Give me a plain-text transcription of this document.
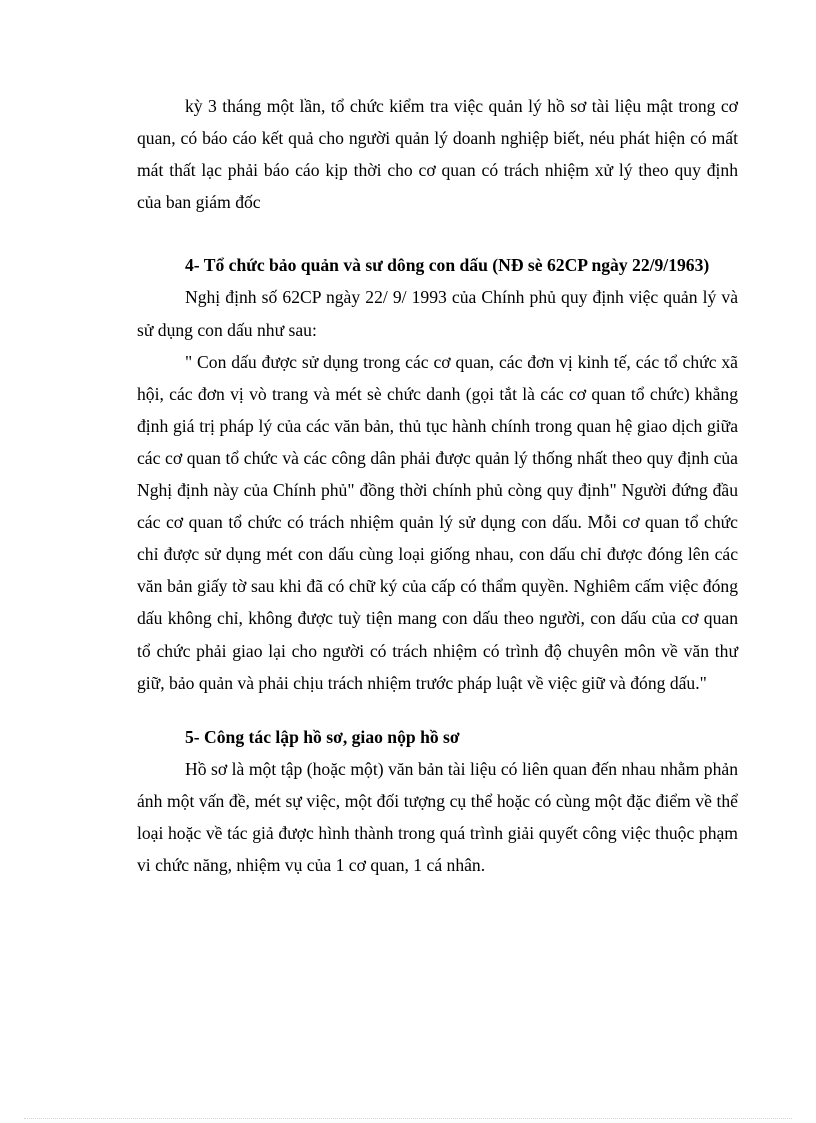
kỳ 3 tháng một lần, tổ chức kiểm tra việc quản lý hồ sơ tài liệu mật trong cơ quan, có báo cáo kết quả cho người quản lý doanh nghiệp biết, néu phát hiện có mất mát thất lạc phải báo cáo kịp thời cho cơ quan có trách nhiệm xử lý theo quy định của ban giám đốc

4- Tổ chức bảo quản và sư dông con dấu (NĐ sè 62CP ngày 22/9/1963)

Nghị định số 62CP ngày 22/ 9/ 1993 của Chính phủ quy định việc quản lý và sử dụng con dấu như sau:

" Con dấu được sử dụng trong các cơ quan, các đơn vị kinh tế, các tổ chức xã hội, các đơn vị vò trang và mét sè chức danh (gọi tắt là các cơ quan tổ chức) khẳng định giá trị pháp lý của các văn bản, thủ tục hành chính trong quan hệ giao dịch giữa các cơ quan tổ chức và các công dân phải được quản lý thống nhất theo quy định của Nghị định này của Chính phủ" đồng thời chính phủ còng quy định" Người đứng đầu các cơ quan tổ chức có trách nhiệm quản lý sử dụng con dấu. Mỗi cơ quan tổ chức chỉ được sử dụng mét con dấu cùng loại giống nhau, con dấu chỉ được đóng lên các văn bản giấy tờ sau khi đã có chữ ký của cấp có thẩm quyền. Nghiêm cấm việc đóng dấu không chỉ, không được tuỳ tiện mang con dấu theo người, con dấu của cơ quan tổ chức phải giao lại cho người có trách nhiệm có trình độ chuyên môn về văn thư giữ, bảo quản và phải chịu trách nhiệm trước pháp luật về việc giữ và đóng dấu."

5- Công tác lập hồ sơ, giao nộp hồ sơ

Hồ sơ là một tập (hoặc một) văn bản tài liệu có liên quan đến nhau nhằm phản ánh một vấn đề, mét sự việc, một đối tượng cụ thể hoặc có cùng một đặc điểm về thể loại hoặc về tác giả được hình thành trong quá trình giải quyết công việc thuộc phạm vi chức năng, nhiệm vụ của 1 cơ quan, 1 cá nhân.
